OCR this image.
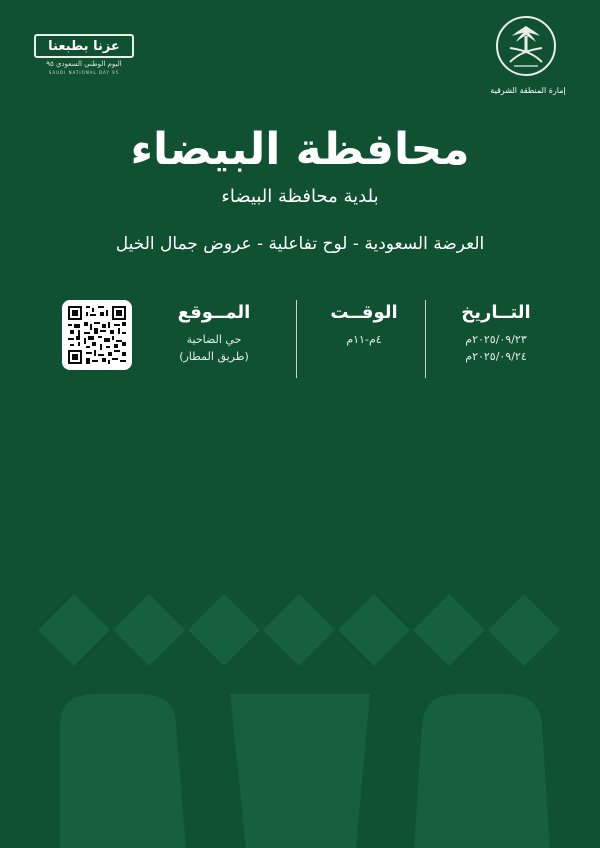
عزنا بطبعنا
اليوم الوطني السعودي ٩٥
SAUDI NATIONAL DAY 95
إمارة المنطقة الشرقية
محافظة البيضاء
بلدية محافظة البيضاء
العرضة السعودية - لوح تفاعلية - عروض جمال الخيل
التــاريخ
٢٠٢٥/٠٩/٢٣م
٢٠٢٥/٠٩/٢٤م
الوقــت
٤م-١١م
المــوقع
حي الضاحية
(طريق المطار)
